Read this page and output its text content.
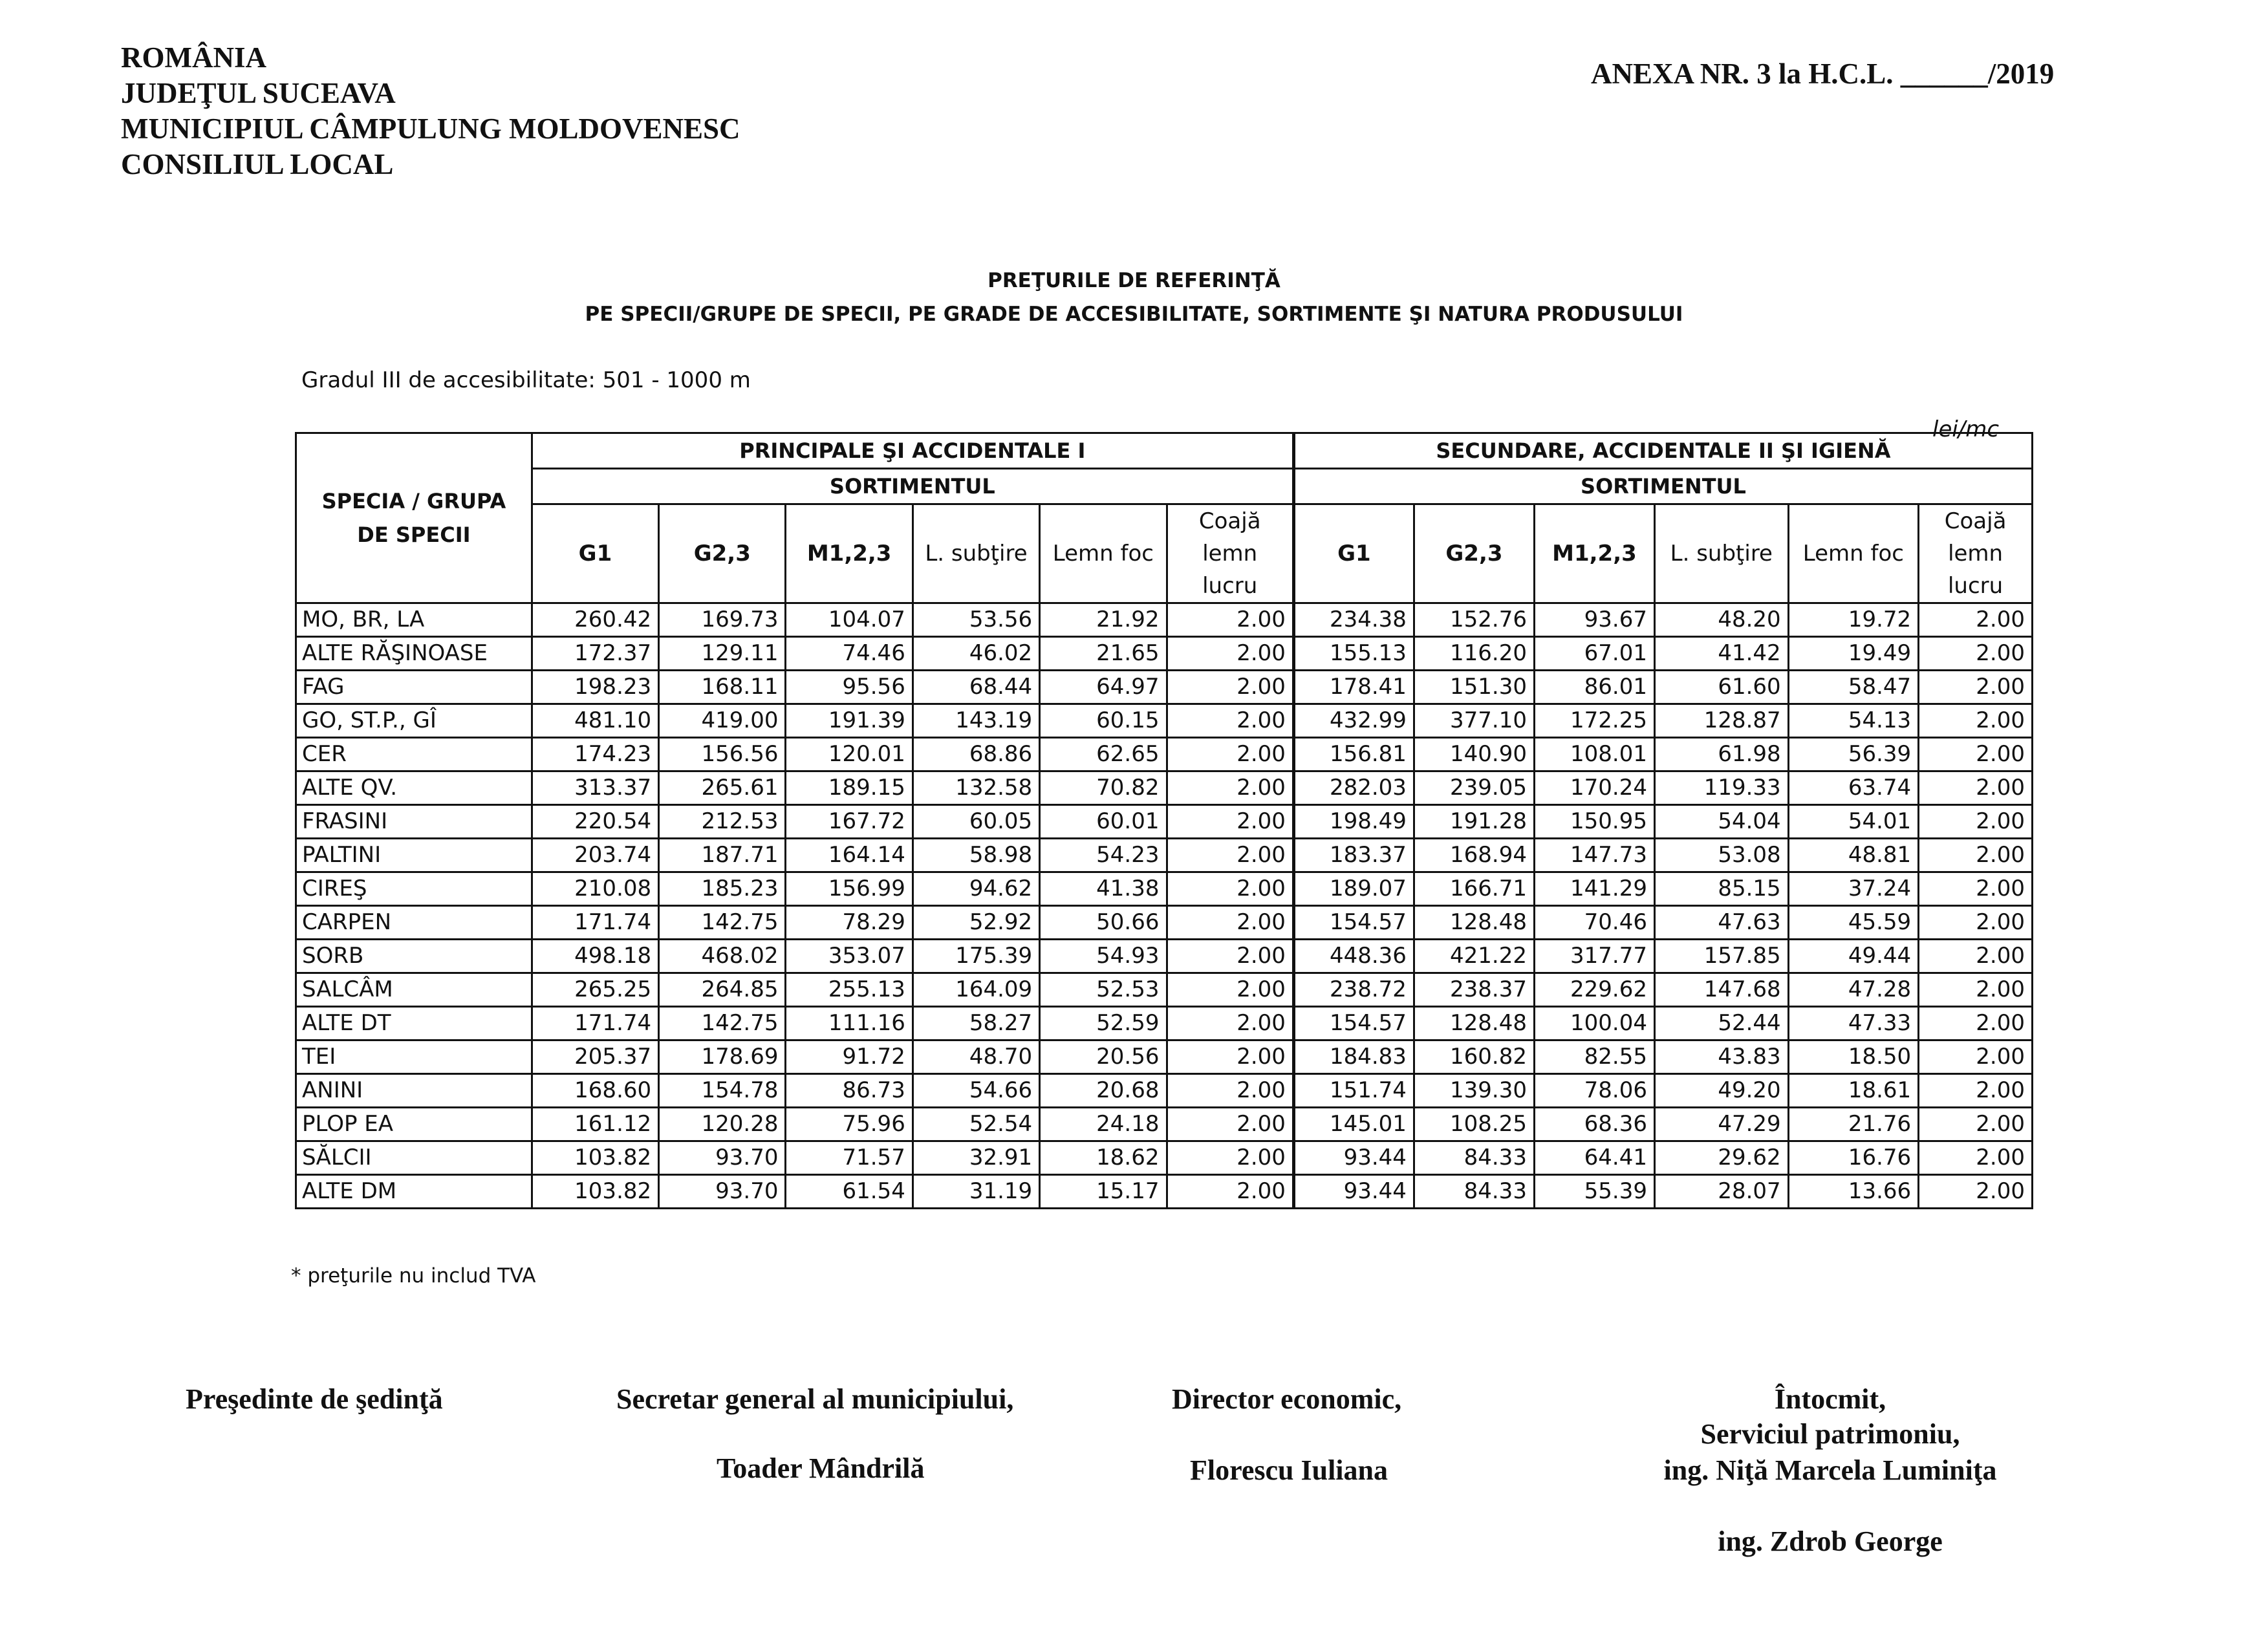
ROMÂNIA
JUDEŢUL SUCEAVA
MUNICIPIUL CÂMPULUNG MOLDOVENESC
CONSILIUL LOCAL
ANEXA NR. 3 la H.C.L. ______/2019
PREŢURILE DE REFERINŢĂ
PE SPECII/GRUPE DE SPECII, PE GRADE DE ACCESIBILITATE, SORTIMENTE ŞI NATURA PRODUSULUI
Gradul III de accesibilitate: 501 - 1000 m
lei/mc
SPECIA / GRUPA DE SPECII	PRINCIPALE ŞI ACCIDENTALE I						SECUNDARE, ACCIDENTALE II ŞI IGIENĂ					
	SORTIMENTUL						SORTIMENTUL					
	G1	G2,3	M1,2,3	L. subţire	Lemn foc	Coajă lemn lucru	G1	G2,3	M1,2,3	L. subţire	Lemn foc	Coajă lemn lucru
MO, BR, LA	260.42	169.73	104.07	53.56	21.92	2.00	234.38	152.76	93.67	48.20	19.72	2.00
ALTE RĂŞINOASE	172.37	129.11	74.46	46.02	21.65	2.00	155.13	116.20	67.01	41.42	19.49	2.00
FAG	198.23	168.11	95.56	68.44	64.97	2.00	178.41	151.30	86.01	61.60	58.47	2.00
GO, ST.P., GÎ	481.10	419.00	191.39	143.19	60.15	2.00	432.99	377.10	172.25	128.87	54.13	2.00
CER	174.23	156.56	120.01	68.86	62.65	2.00	156.81	140.90	108.01	61.98	56.39	2.00
ALTE QV.	313.37	265.61	189.15	132.58	70.82	2.00	282.03	239.05	170.24	119.33	63.74	2.00
FRASINI	220.54	212.53	167.72	60.05	60.01	2.00	198.49	191.28	150.95	54.04	54.01	2.00
PALTINI	203.74	187.71	164.14	58.98	54.23	2.00	183.37	168.94	147.73	53.08	48.81	2.00
CIREŞ	210.08	185.23	156.99	94.62	41.38	2.00	189.07	166.71	141.29	85.15	37.24	2.00
CARPEN	171.74	142.75	78.29	52.92	50.66	2.00	154.57	128.48	70.46	47.63	45.59	2.00
SORB	498.18	468.02	353.07	175.39	54.93	2.00	448.36	421.22	317.77	157.85	49.44	2.00
SALCÂM	265.25	264.85	255.13	164.09	52.53	2.00	238.72	238.37	229.62	147.68	47.28	2.00
ALTE DT	171.74	142.75	111.16	58.27	52.59	2.00	154.57	128.48	100.04	52.44	47.33	2.00
TEI	205.37	178.69	91.72	48.70	20.56	2.00	184.83	160.82	82.55	43.83	18.50	2.00
ANINI	168.60	154.78	86.73	54.66	20.68	2.00	151.74	139.30	78.06	49.20	18.61	2.00
PLOP EA	161.12	120.28	75.96	52.54	24.18	2.00	145.01	108.25	68.36	47.29	21.76	2.00
SĂLCII	103.82	93.70	71.57	32.91	18.62	2.00	93.44	84.33	64.41	29.62	16.76	2.00
ALTE DM	103.82	93.70	61.54	31.19	15.17	2.00	93.44	84.33	55.39	28.07	13.66	2.00
* preţurile nu includ TVA
Preşedinte de şedinţă	Secretar general al municipiului,
Toader Mândrilă
Director economic,
Florescu Iuliana
Întocmit,
Serviciul patrimoniu,
ing. Niţă Marcela Luminiţa
ing. Zdrob George
